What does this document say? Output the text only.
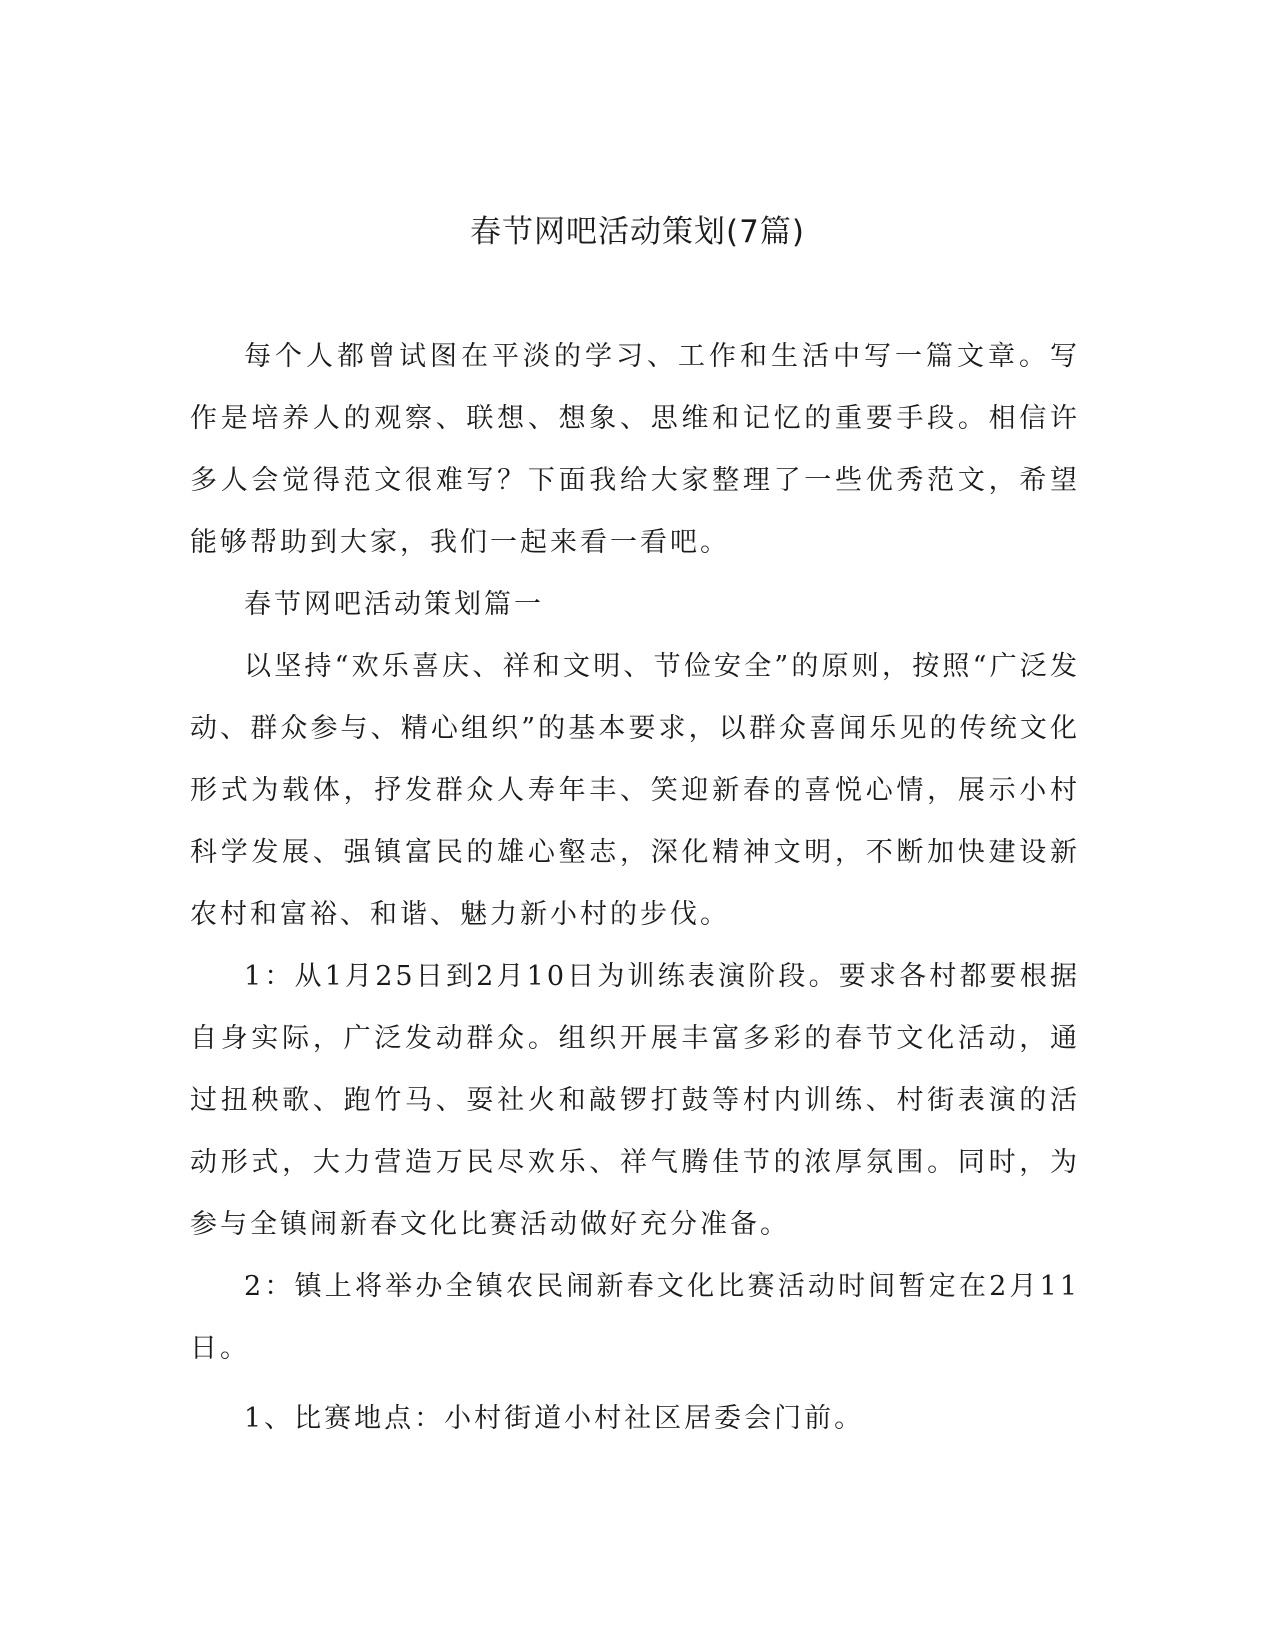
春节网吧活动策划(7篇)

每个人都曾试图在平淡的学习、工作和生活中写一篇文章。写作是培养人的观察、联想、想象、思维和记忆的重要手段。相信许多人会觉得范文很难写？下面我给大家整理了一些优秀范文，希望能够帮助到大家，我们一起来看一看吧。

春节网吧活动策划篇一

以坚持“欢乐喜庆、祥和文明、节俭安全”的原则，按照“广泛发动、群众参与、精心组织”的基本要求，以群众喜闻乐见的传统文化形式为载体，抒发群众人寿年丰、笑迎新春的喜悦心情，展示小村科学发展、强镇富民的雄心壑志，深化精神文明，不断加快建设新农村和富裕、和谐、魅力新小村的步伐。

1：从1月25日到2月10日为训练表演阶段。要求各村都要根据自身实际，广泛发动群众。组织开展丰富多彩的春节文化活动，通过扭秧歌、跑竹马、耍社火和敲锣打鼓等村内训练、村街表演的活动形式，大力营造万民尽欢乐、祥气腾佳节的浓厚氛围。同时，为参与全镇闹新春文化比赛活动做好充分准备。

2：镇上将举办全镇农民闹新春文化比赛活动时间暂定在2月11日。

1、比赛地点：小村街道小村社区居委会门前。
